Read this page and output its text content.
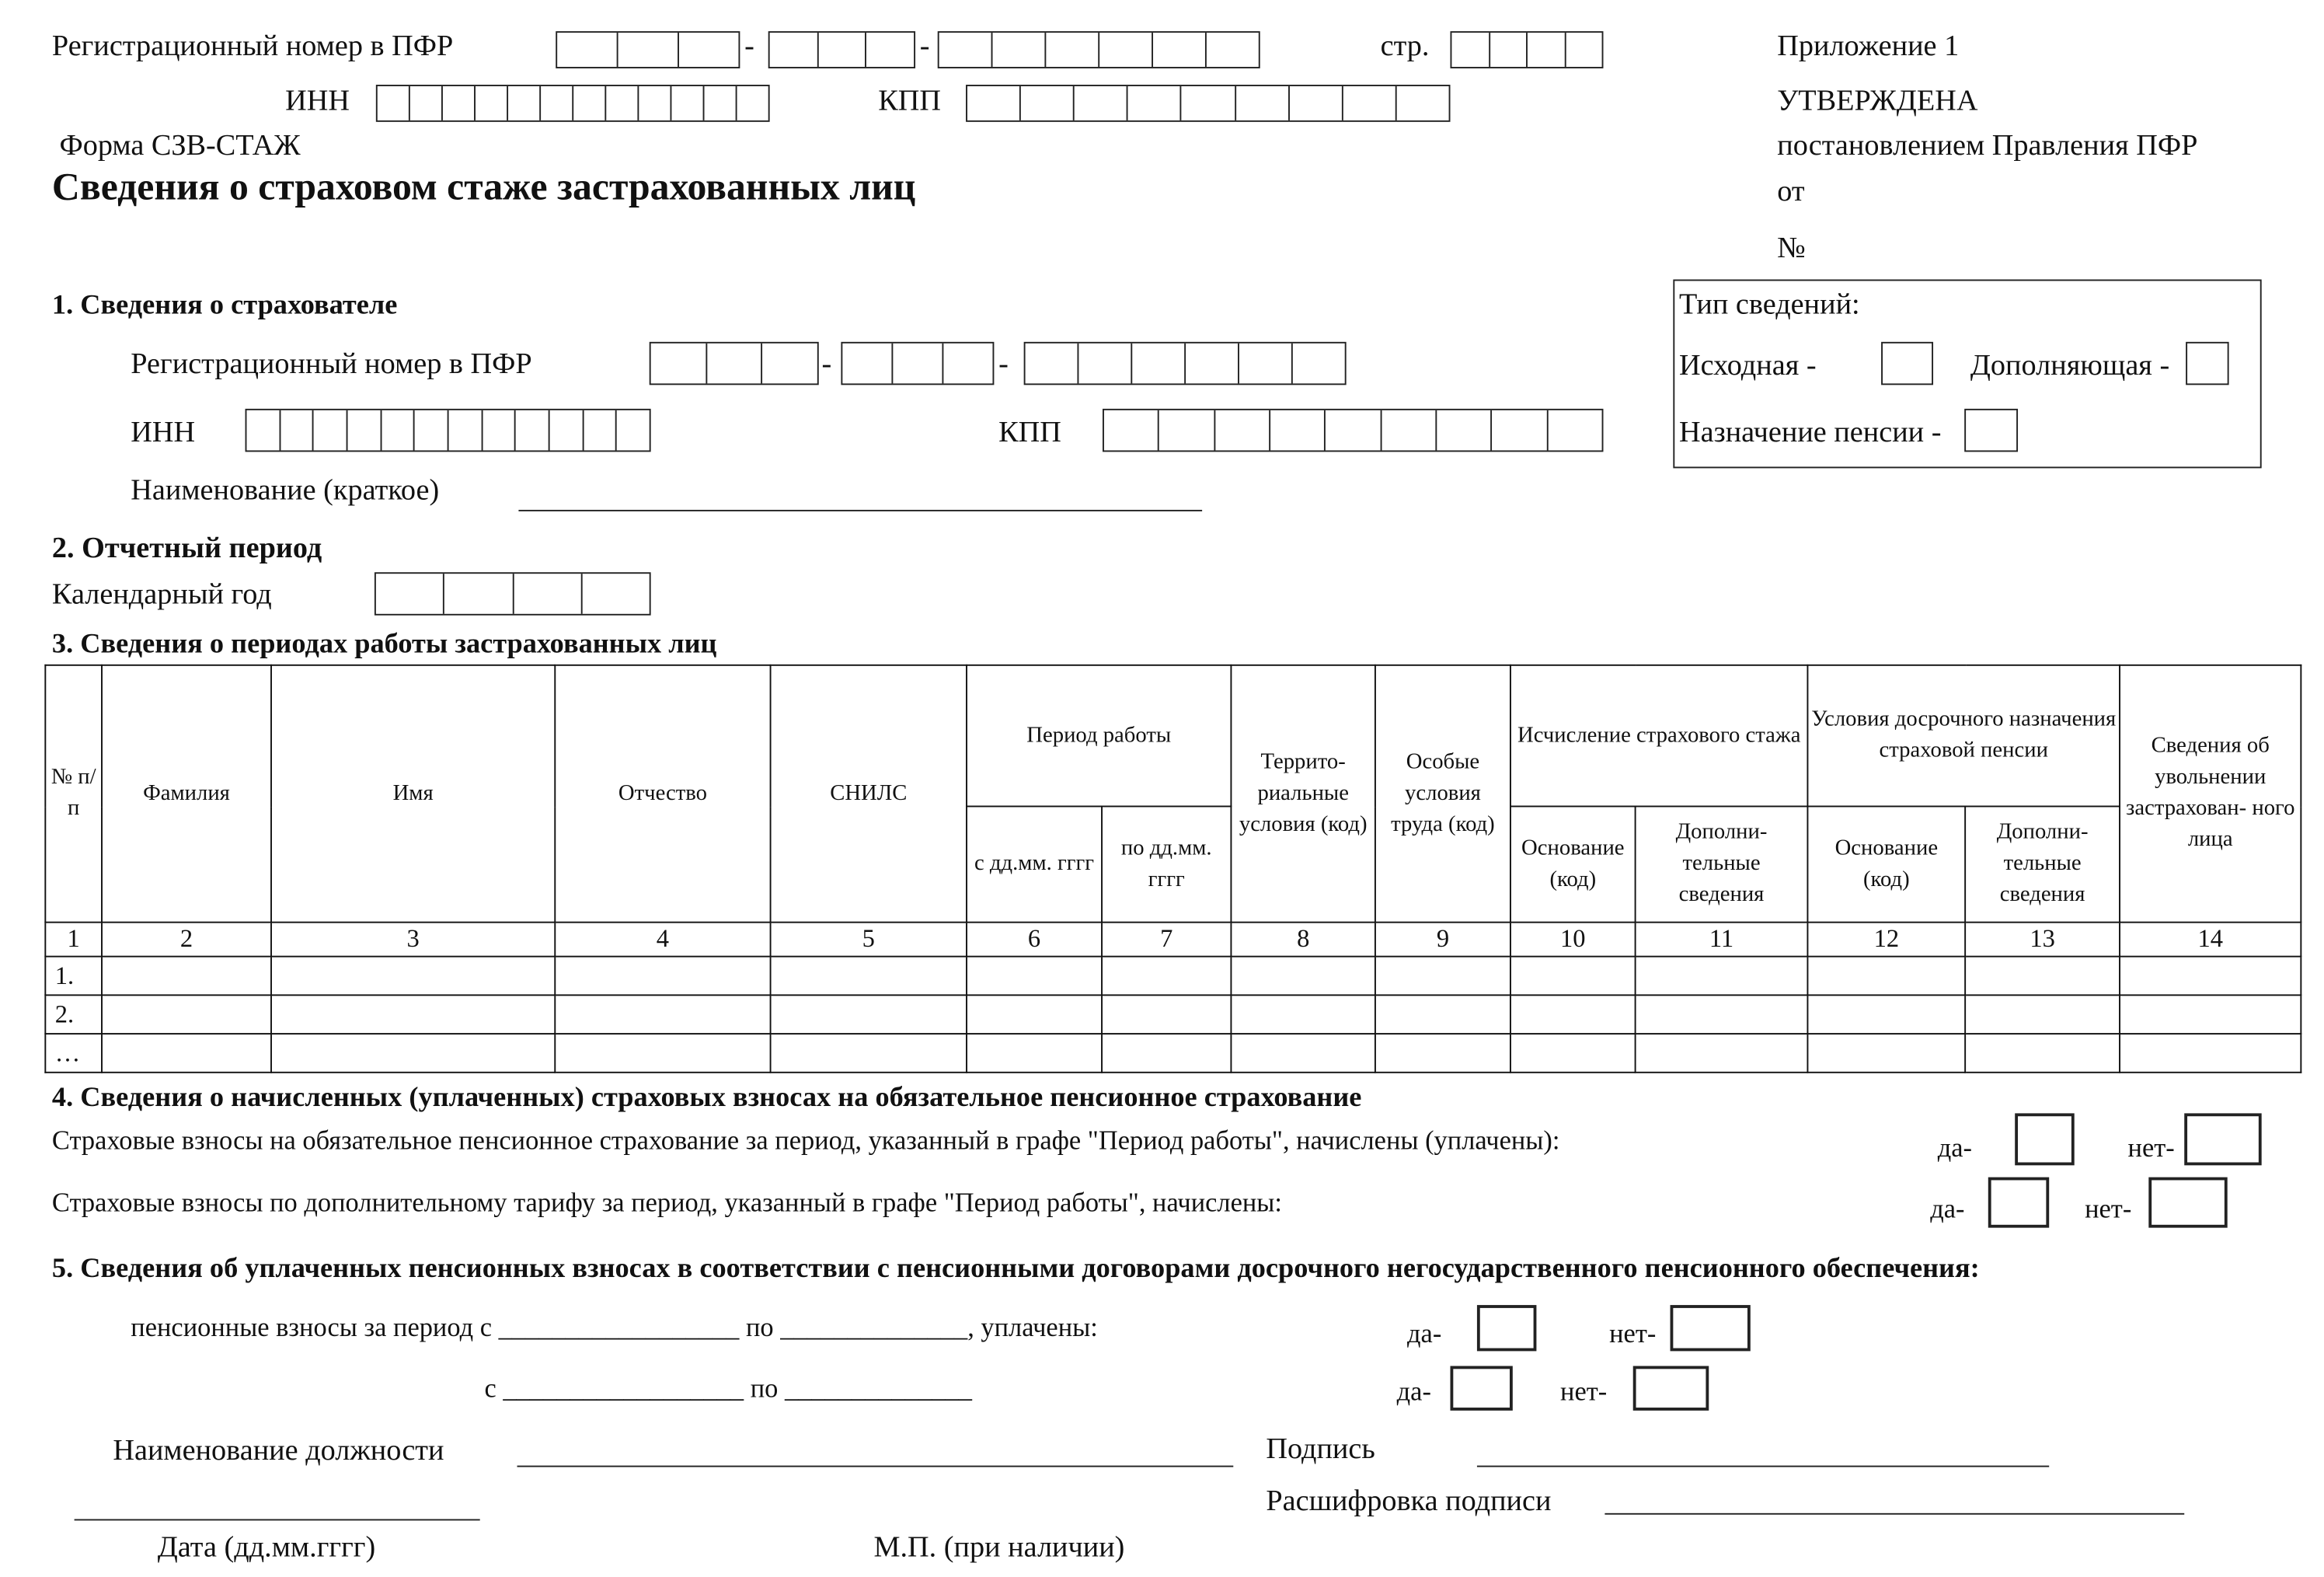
Регистрационный номер в ПФР	-	-	стр.
ИНН	КПП
Форма СЗВ-СТАЖ
Сведения о страховом стаже застрахованных лиц
Приложение 1
УТВЕРЖДЕНА
постановлением Правления ПФР
от
№
Тип сведений:
Исходная -	Дополняющая -
Назначение пенсии -
1. Сведения о страхователе
Регистрационный номер в ПФР	-	-
ИНН	КПП
Наименование (краткое)
2. Отчетный период
Календарный год
3. Сведения о периодах работы застрахованных лиц
№ п/п	Фамилия	Имя	Отчество	СНИЛС	Период работы		Террито- риальные условия (код)	Особые условия труда (код)	Исчисление страхового стажа		Условия досрочного назначения страховой пенсии		Сведения об увольнении застрахован- ного лица
					с дд.мм. гггг	по дд.мм. гггг			Основание (код)	Дополни- тельные сведения	Основание (код)	Дополни- тельные сведения	
1	2	3	4	5	6	7	8	9	10	11	12	13	14
1.													
2.													
…													
4. Сведения о начисленных (уплаченных) страховых взносах на обязательное пенсионное страхование
Страховые взносы на обязательное пенсионное страхование за период, указанный в графе "Период работы", начислены (уплачены):	да-	нет-
Страховые взносы по дополнительному тарифу за период, указанный в графе "Период работы", начислены:	да-	нет-
5. Сведения об уплаченных пенсионных взносах в соответствии с пенсионными договорами досрочного негосударственного пенсионного обеспечения:
пенсионные взносы за период с __________________ по ______________, уплачены:	да-	нет-
с __________________ по ______________	да-	нет-
Наименование должности	Подпись
Расшифровка подписи
Дата (дд.мм.гггг)	М.П. (при наличии)
